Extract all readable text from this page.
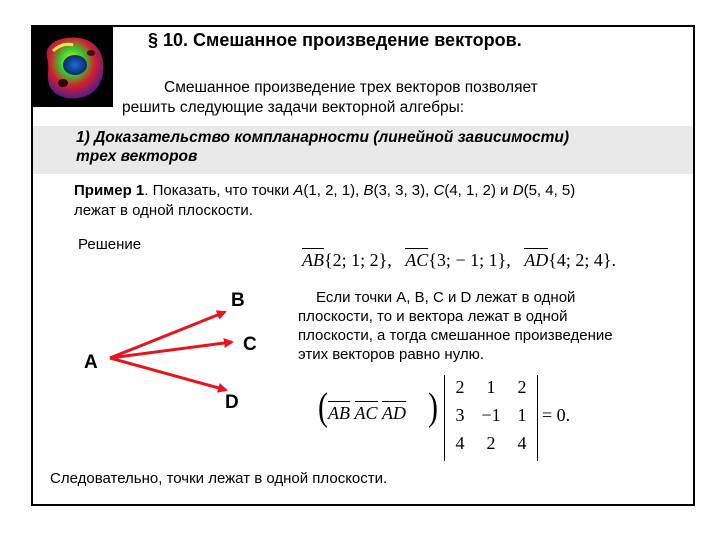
§ 10. Смешанное произведение векторов.
Смешанное произведение трех векторов позволяет
решить следующие задачи векторной алгебры:
1) Доказательство компланарности (линейной зависимости)
трех векторов
Пример 1. Показать, что точки A(1, 2, 1), B(3, 3, 3), C(4, 1, 2) и D(5, 4, 5)
лежат в одной плоскости.
Решение
AB{2; 1; 2},
AC{3; − 1; 1},
AD{4; 2; 4}.
Если точки A, B, C и D лежат в одной
плоскости, то и вектора лежат в одной
плоскости, а тогда смешанное произведение
этих векторов равно нулю.
A
B
C
D	( AB AC AD ) 2	1	2
3 −1 1
4	2	4
= 0.
Следовательно, точки лежат в одной плоскости.
